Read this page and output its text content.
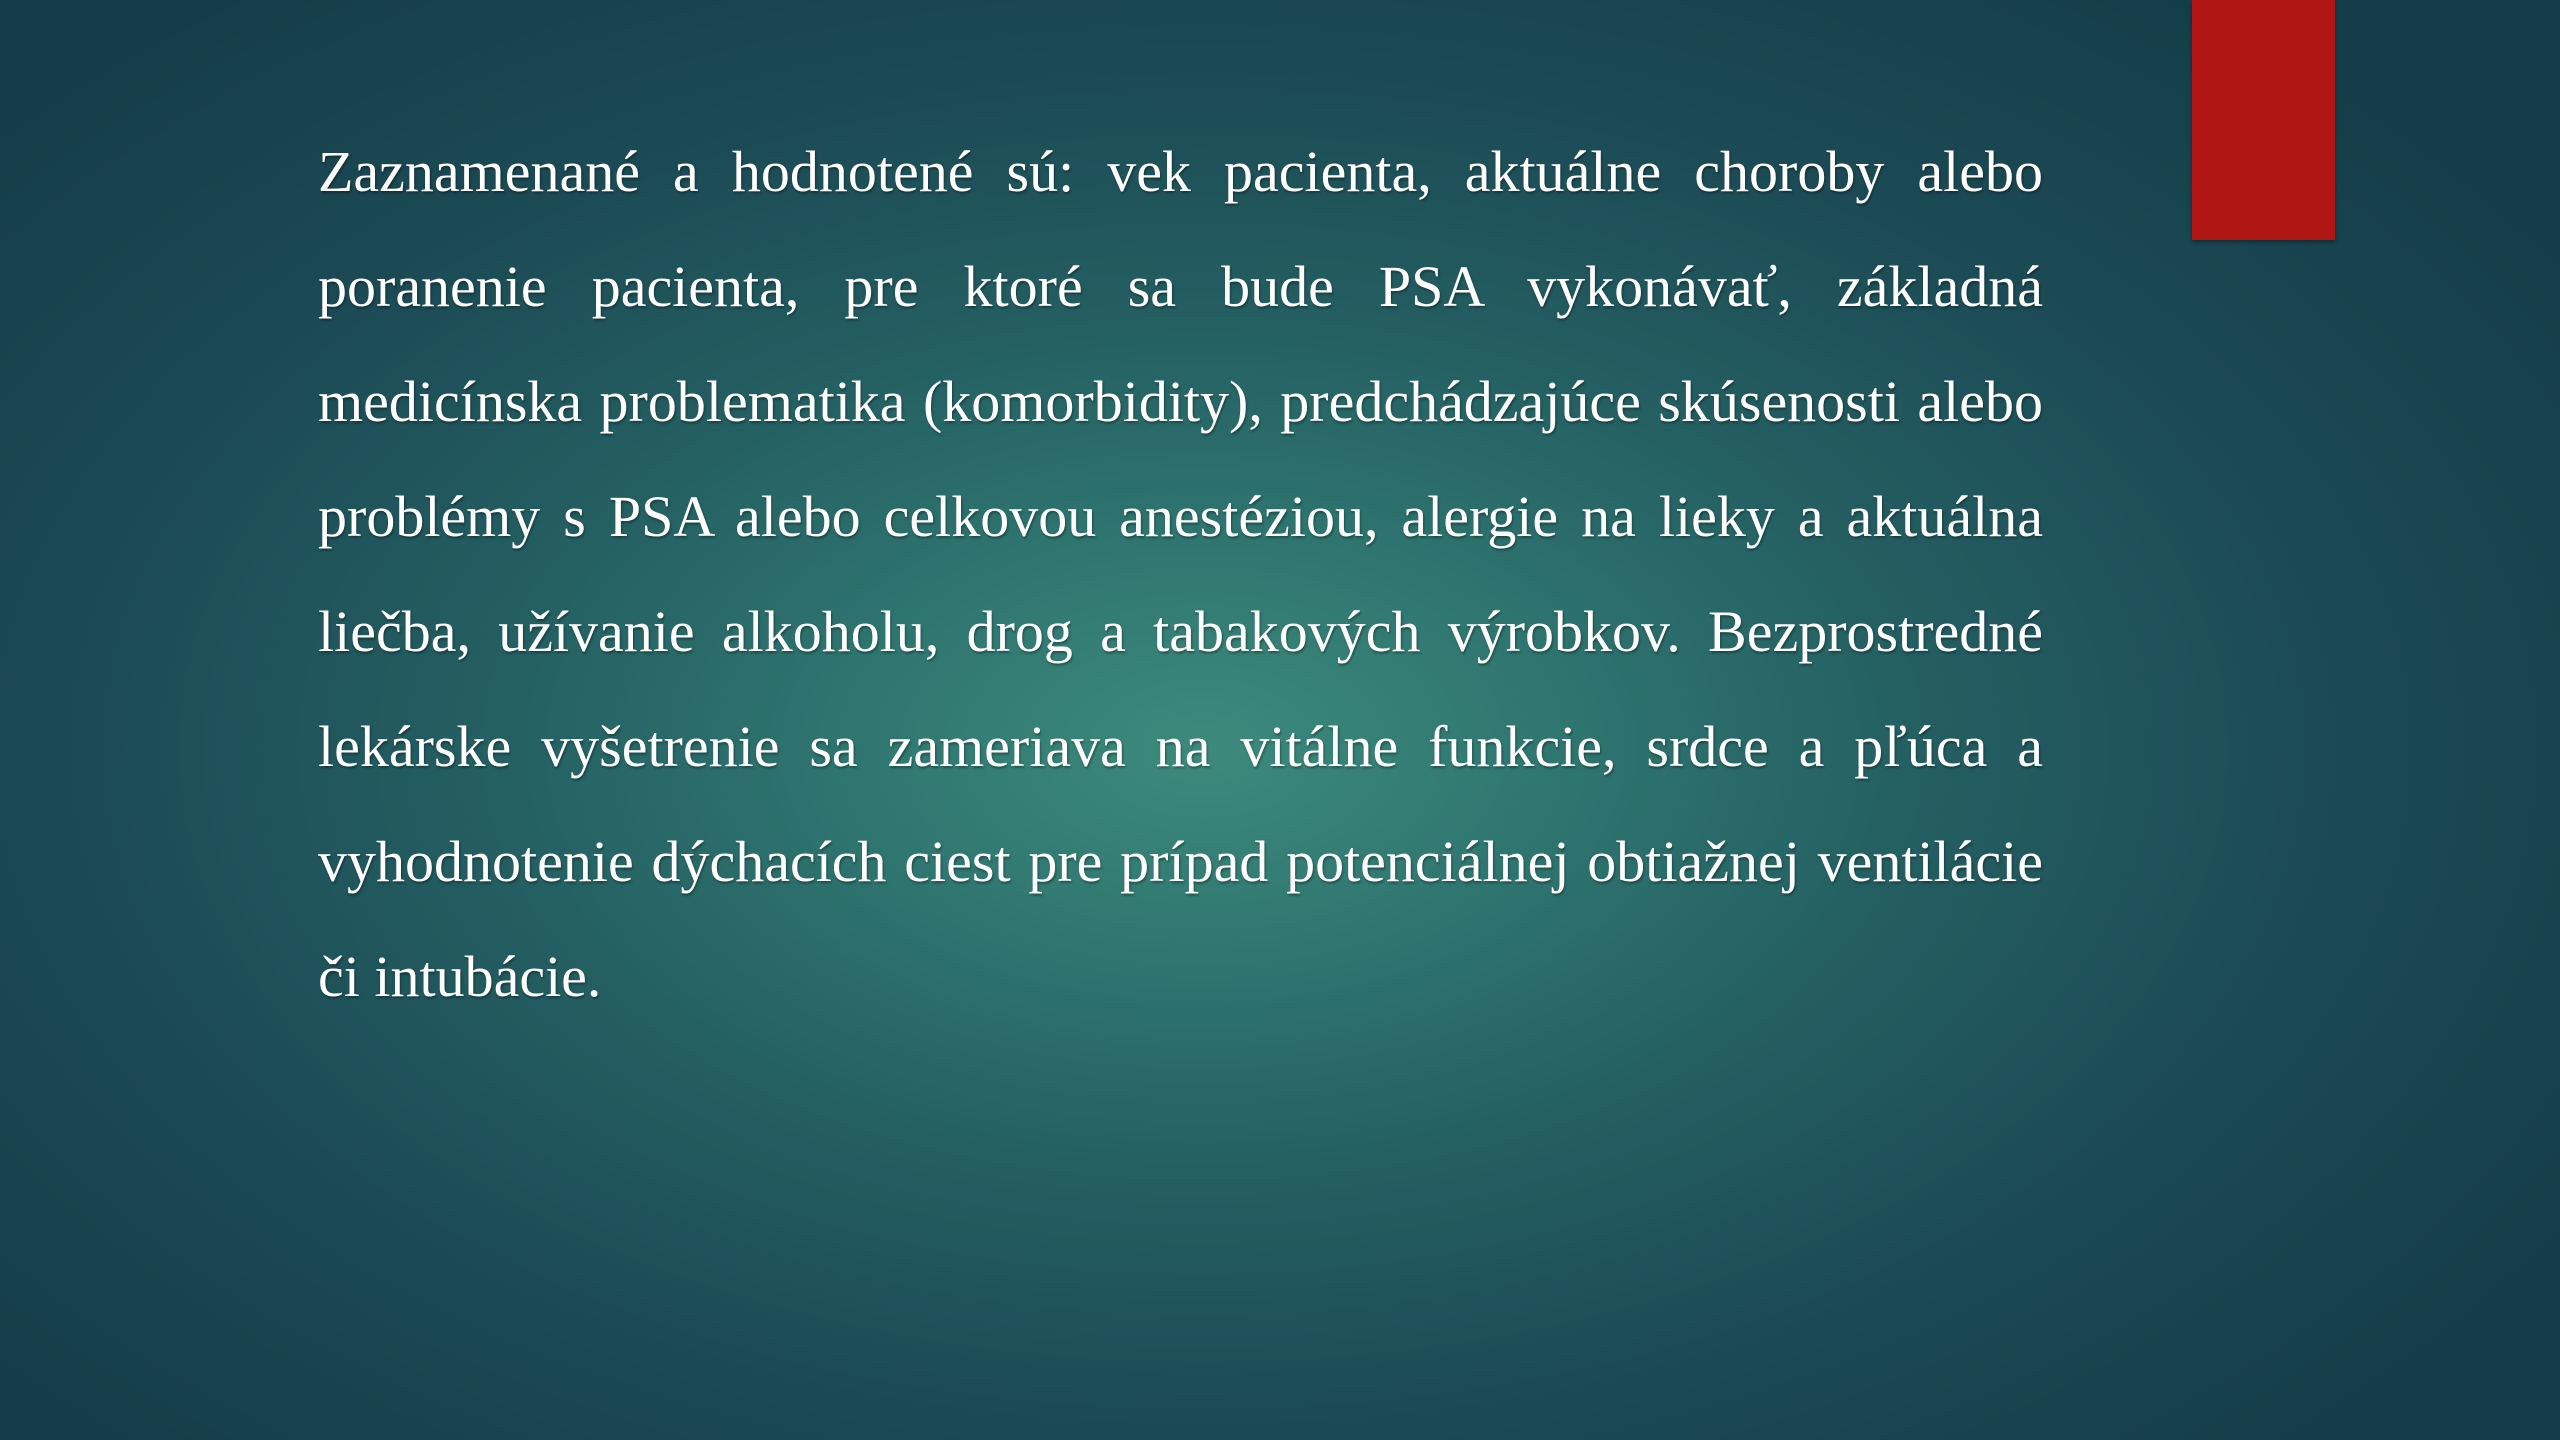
Zaznamenané a hodnotené sú: vek pacienta, aktuálne choroby alebo poranenie pacienta, pre ktoré sa bude PSA vykonávať, základná medicínska problematika (komorbidity), predchádzajúce skúsenosti alebo problémy s PSA alebo celkovou anestéziou, alergie na lieky a aktuálna liečba, užívanie alkoholu, drog a tabakových výrobkov. Bezprostredné lekárske vyšetrenie sa zameriava na vitálne funkcie, srdce a pľúca a vyhodnotenie dýchacích ciest pre prípad potenciálnej obtiažnej ventilácie či intubácie.
